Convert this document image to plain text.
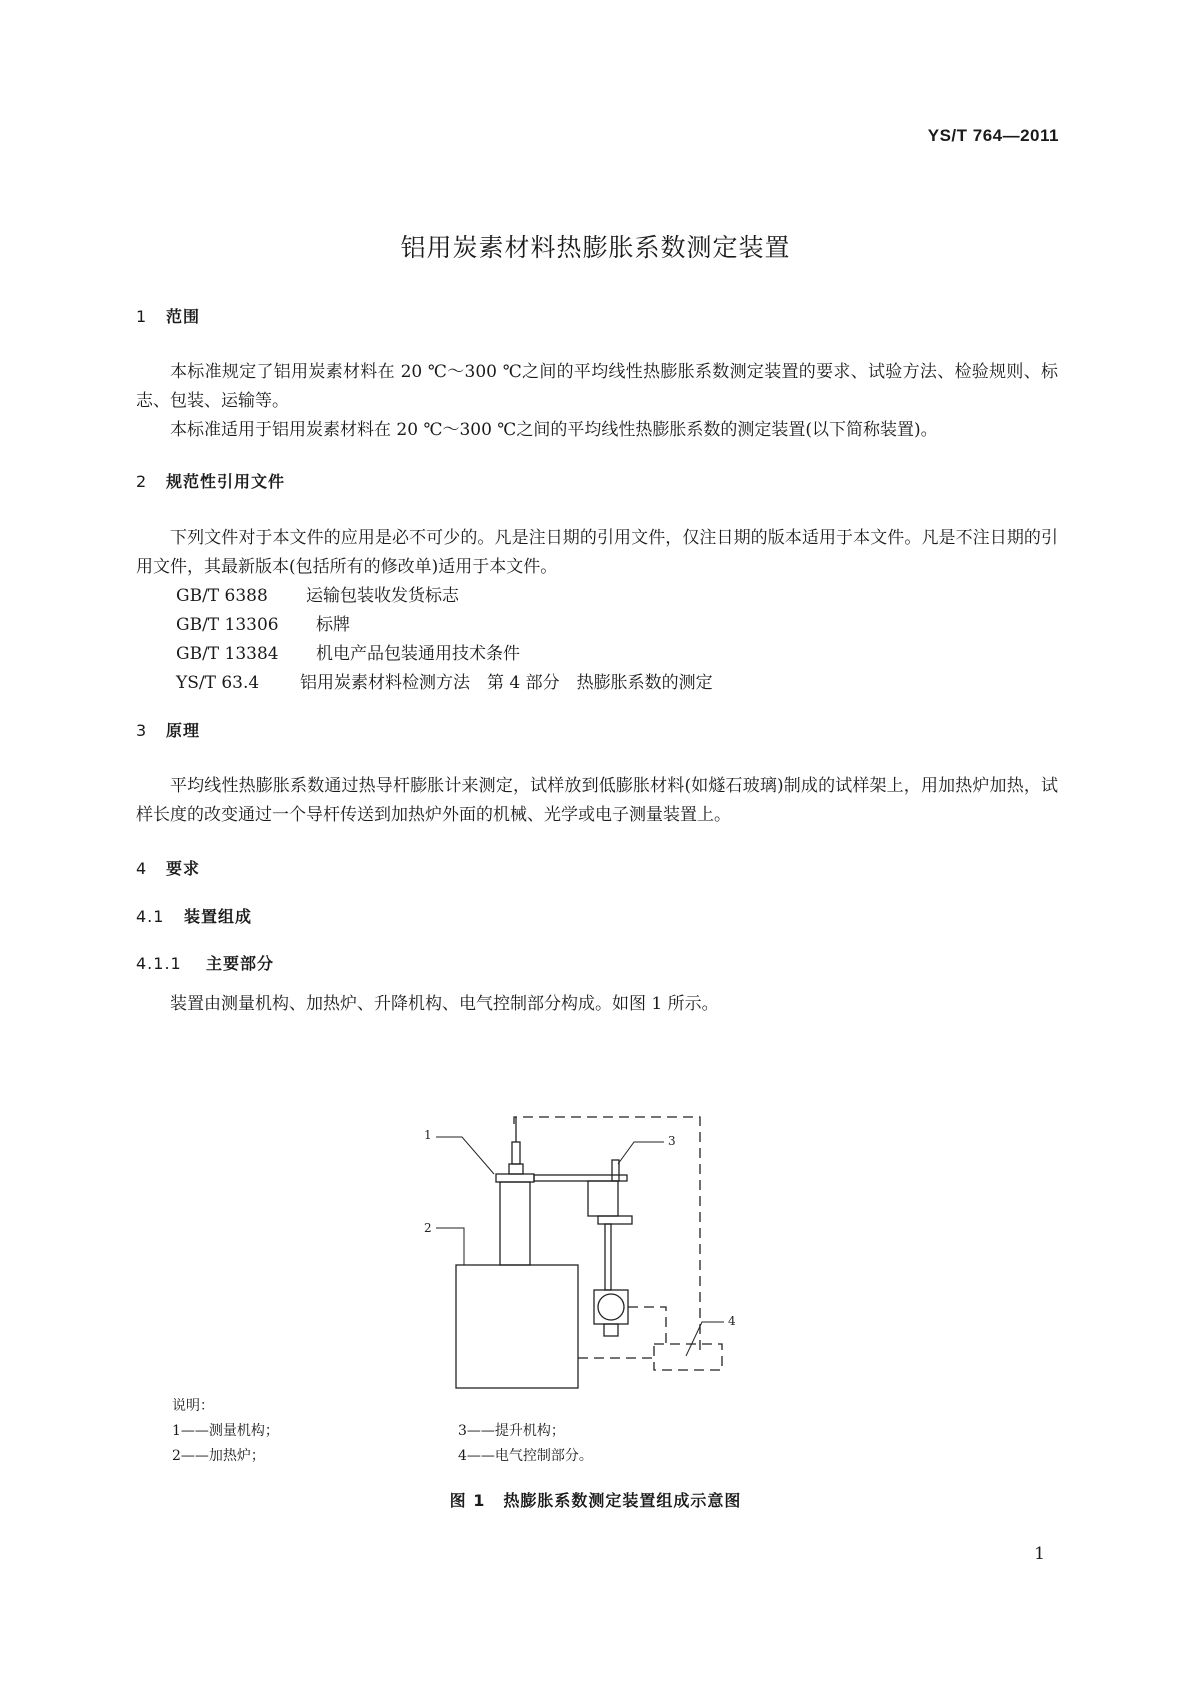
YS/T 764—2011
铝用炭素材料热膨胀系数测定装置
1 范围

本标准规定了铝用炭素材料在 20 ℃～300 ℃之间的平均线性热膨胀系数测定装置的要求、试验方法、检验规则、标志、包装、运输等。

本标准适用于铝用炭素材料在 20 ℃～300 ℃之间的平均线性热膨胀系数的测定装置(以下简称装置)。

2 规范性引用文件

下列文件对于本文件的应用是必不可少的。凡是注日期的引用文件，仅注日期的版本适用于本文件。凡是不注日期的引用文件，其最新版本(包括所有的修改单)适用于本文件。

GB/T 6388 运输包装收发货标志
GB/T 13306 标牌
GB/T 13384 机电产品包装通用技术条件
YS/T 63.4 铝用炭素材料检测方法　第 4 部分　热膨胀系数的测定
3 原理

平均线性热膨胀系数通过热导杆膨胀计来测定，试样放到低膨胀材料(如燧石玻璃)制成的试样架上，用加热炉加热，试样长度的改变通过一个导杆传送到加热炉外面的机械、光学或电子测量装置上。

4 要求
4.1 装置组成
4.1.1 主要部分

装置由测量机构、加热炉、升降机构、电气控制部分构成。如图 1 所示。

1
2
3
4
说明：
1——测量机构；	3——提升机构；
2——加热炉；	4——电气控制部分。
图 1 热膨胀系数测定装置组成示意图
1
